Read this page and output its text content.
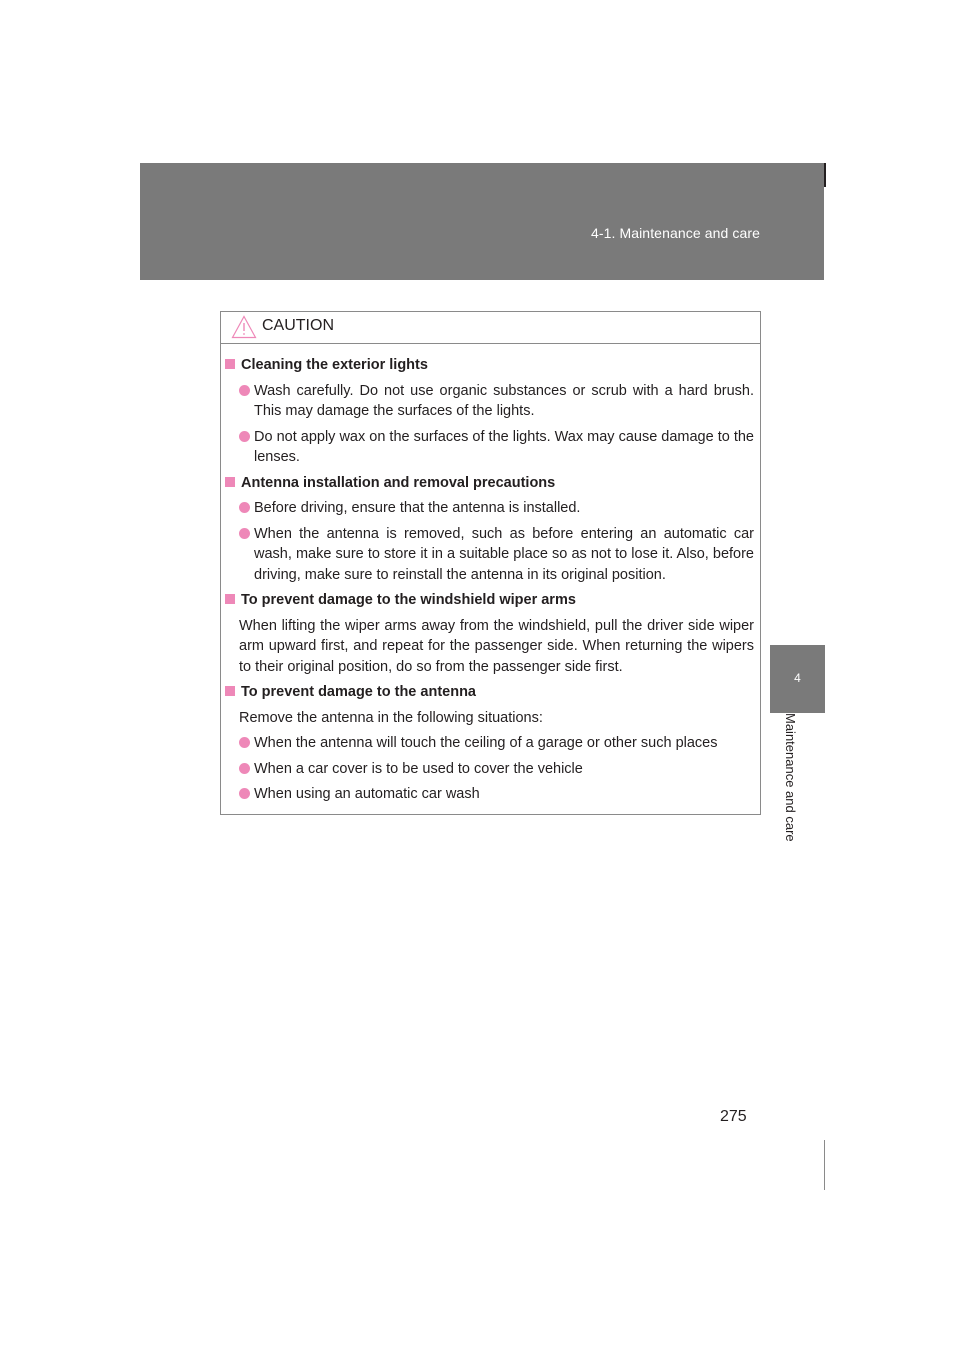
4-1. Maintenance and care
4
Maintenance and care
CAUTION
Cleaning the exterior lights
Wash carefully. Do not use organic substances or scrub with a hard brush. This may damage the surfaces of the lights.
Do not apply wax on the surfaces of the lights. Wax may cause damage to the lenses.
Antenna installation and removal precautions
Before driving, ensure that the antenna is installed.
When the antenna is removed, such as before entering an automatic car wash, make sure to store it in a suitable place so as not to lose it. Also, before driving, make sure to reinstall the antenna in its original position.
To prevent damage to the windshield wiper arms
When lifting the wiper arms away from the windshield, pull the driver side wiper arm upward first, and repeat for the passenger side. When returning the wipers to their original position, do so from the passenger side first.
To prevent damage to the antenna
Remove the antenna in the following situations:
When the antenna will touch the ceiling of a garage or other such places
When a car cover is to be used to cover the vehicle
When using an automatic car wash
275
